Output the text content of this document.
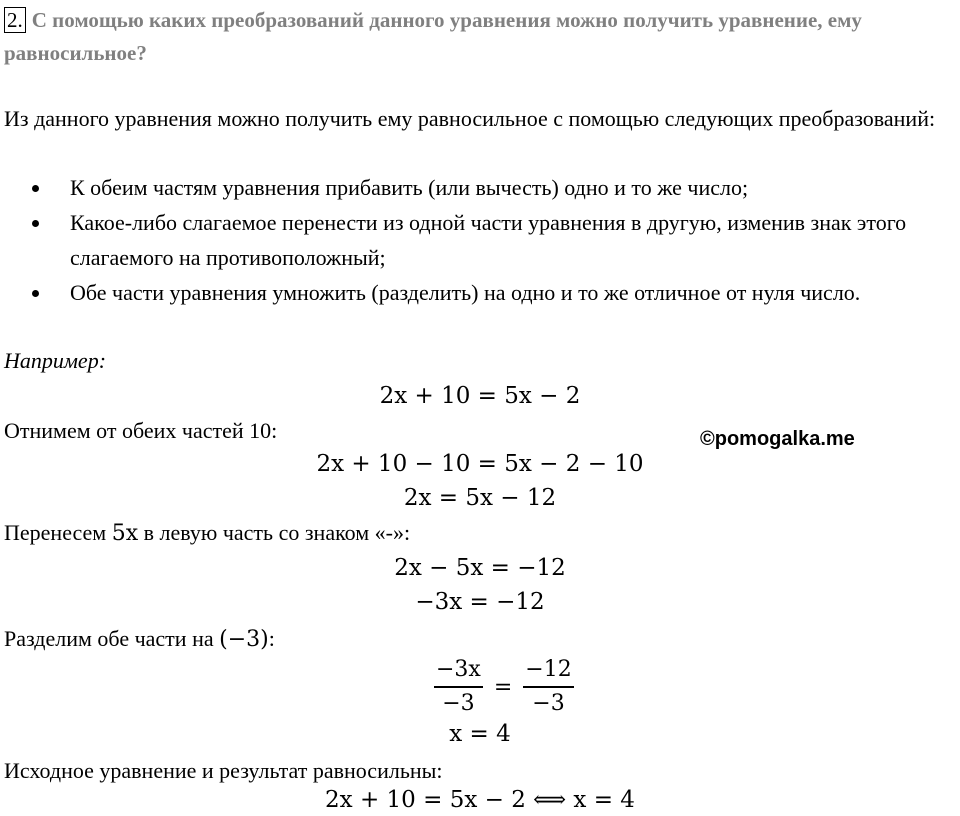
2. С помощью каких преобразований данного уравнения можно получить уравнение, ему равносильное?
Из данного уравнения можно получить ему равносильное с помощью следующих преобразований:
К обеим частям уравнения прибавить (или вычесть) одно и то же число;
Какое-либо слагаемое перенести из одной части уравнения в другую, изменив знак этого слагаемого на противоположный;
Обе части уравнения умножить (разделить) на одно и то же отличное от нуля число.
Например:
2x + 10 = 5x − 2
Отнимем от обеих частей 10:	©pomogalka.me
2x + 10 − 10 = 5x − 2 − 10
2x = 5x − 12
Перенесем 5x в левую часть со знаком «-»:
2x − 5x = −12
−3x = −12
Разделим обе части на (−3):
$\frac{-3x}{-3} = \frac{-12}{-3}$
x = 4
Исходное уравнение и результат равносильны:
2x + 10 = 5x − 2 ⟺ x = 4
